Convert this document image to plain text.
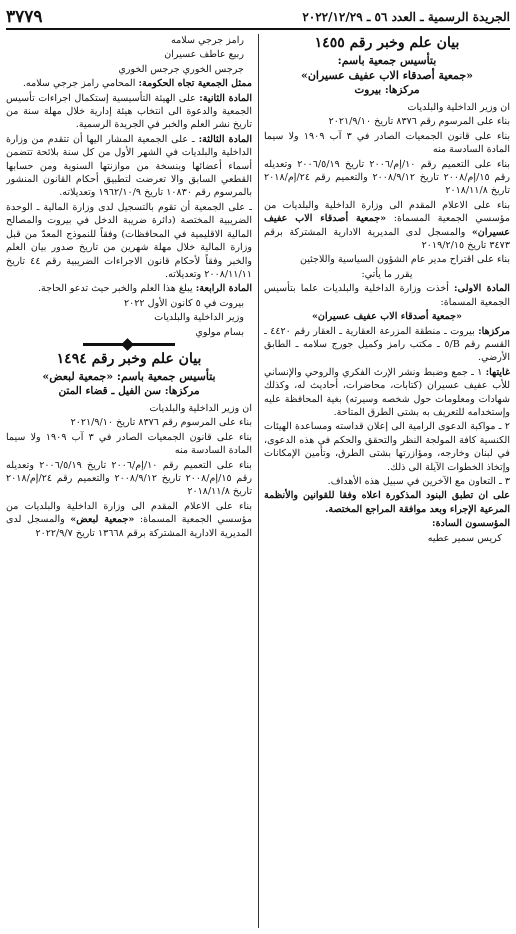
الجريدة الرسمية ـ العدد ٥٦ ـ ٢٠٢٢/١٢/٢٩
٣٧٧٩
بيان علم وخبر رقم ١٤٥٥
بتأسيس جمعية باسم:
«جمعية أصدقاء الاب عفيف عسيران»
مركزها: بيروت

ان وزير الداخلية والبلديات

بناء على المرسوم رقم ٨٣٧٦ تاريخ ٢٠٢١/٩/١٠

بناء على قانون الجمعيات الصادر في ٣ آب ١٩٠٩ ولا سيما المادة السادسة منه

بناء على التعميم رقم ١٠/إم/٢٠٠٦ تاريخ ٢٠٠٦/٥/١٩ وتعديله رقم ١٥/إم/٢٠٠٨ تاريخ ٢٠٠٨/٩/١٢ والتعميم رقم ٢٤/إم/٢٠١٨ تاريخ ٢٠١٨/١١/٨

بناء على الاعلام المقدم الى وزارة الداخلية والبلديات من مؤسسي الجمعية المسماة: «جمعية أصدقاء الاب عفيف عسيران» والمسجل لدى المديرية الادارية المشتركة برقم ٣٤٧٣ تاريخ ٢٠١٩/٢/١٥

بناء على اقتراح مدير عام الشؤون السياسية واللاجئين

يقرر ما يأتي:

المادة الاولى: أخذت وزارة الداخلية والبلديات علما بتأسيس الجمعية المسماة:

«جمعية أصدقاء الاب عفيف عسيران»

مركزها: بيروت ـ منطقة المزرعة العقارية ـ العقار رقم ٤٤٢٠ ـ القسم رقم B/٥ ـ مكتب رامز وكميل جورج سلامه ـ الطابق الأرضي.

غايتها: ١ ـ جمع وضبط ونشر الإرث الفكري والروحي والإنساني للأب عفيف عسيران (كتابات، محاضرات، أحاديث له، وكذلك شهادات ومعلومات حول شخصه وسيرته) بغية المحافظة عليه وإستخدامه للتعريف به بشتى الطرق المتاحة.

٢ ـ مواكبة الدعوى الرامية الى إعلان قداسته ومساعدة الهيئات الكنسية كافة المولجة النظر والتحقق والحكم في هذه الدعوى، في لبنان وخارجه، ومؤازرتها بشتى الطرق، وتأمين الإمكانات وإتخاذ الخطوات الآيلة الى ذلك.

٣ ـ التعاون مع الآخرين في سبيل هذه الأهداف.

على ان تطبق البنود المذكورة اعلاه وفقا للقوانين والأنظمة المرعية الإجراء وبعد موافقة المراجع المختصة.

المؤسسون السادة:

كريس سمير عطيه

رامز جرجي سلامه

ربيع عاطف عسيران

جرجس الخوري جرجس الخوري

ممثل الجمعية تجاه الحكومة: المحامي رامز جرجي سلامه.

المادة الثانية: على الهيئة التأسيسية إستكمال اجراءات تأسيس الجمعية والدعوة الى انتخاب هيئة إدارية خلال مهلة سنة من تاريخ نشر العلم والخبر في الجريدة الرسمية.

المادة الثالثة: ـ على الجمعية المشار اليها أن تتقدم من وزارة الداخلية والبلديات في الشهر الأول من كل سنة بلائحة تتضمن أسماء أعضائها وبنسخة من موازنتها السنوية ومن حسابها القطعي السابق والا تعرضت لتطبيق أحكام القانون المنشور بالمرسوم رقم ١٠٨٣٠ تاريخ ١٩٦٢/١٠/٩ وتعديلاته.

ـ على الجمعية أن تقوم بالتسجيل لدى وزارة المالية ـ الوحدة الضريبية المختصة (دائرة ضريبة الدخل في بيروت والمصالح المالية الاقليمية في المحافظات) وفقاً للنموذج المعدّ من قبل وزارة المالية خلال مهلة شهرين من تاريخ صدور بيان العلم والخبر وفقاً لأحكام قانون الاجراءات الضريبية رقم ٤٤ تاريخ ٢٠٠٨/١١/١١ وتعديلاته.

المادة الرابعة: يبلغ هذا العلم والخبر حيث تدعو الحاجة.

بيروت في ٥ كانون الأول ٢٠٢٢

وزير الداخلية والبلديات

بسام مولوي

بيان علم وخبر رقم ١٤٩٤
بتأسيس جمعية باسم: «جمعية لبعض»
مركزها: سن الفيل ـ قضاء المتن

ان وزير الداخلية والبلديات

بناء على المرسوم رقم ٨٣٧٦ تاريخ ٢٠٢١/٩/١٠

بناء على قانون الجمعيات الصادر في ٣ آب ١٩٠٩ ولا سيما المادة السادسة منه

بناء على التعميم رقم ١٠/إم/٢٠٠٦ تاريخ ٢٠٠٦/٥/١٩ وتعديله رقم ١٥/إم/٢٠٠٨ تاريخ ٢٠٠٨/٩/١٢ والتعميم رقم ٢٤/إم/٢٠١٨ تاريخ ٢٠١٨/١١/٨

بناء على الاعلام المقدم الى وزارة الداخلية والبلديات من مؤسسي الجمعية المسماة: «جمعية لبعض» والمسجل لدى المديرية الادارية المشتركة برقم ١٣٦٦٨ تاريخ ٢٠٢٢/٩/٧
